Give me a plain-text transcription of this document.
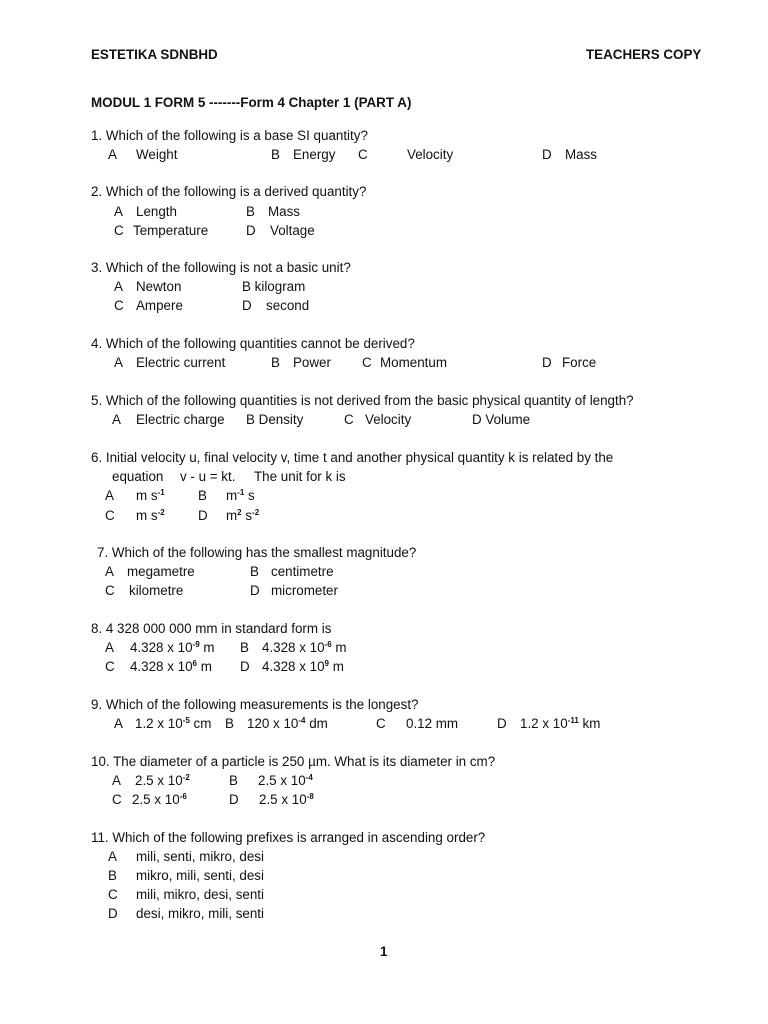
ESTETIKA SDNBHD	TEACHERS COPY
MODUL 1 FORM 5 -------Form 4 Chapter 1 (PART A)
1. Which of the following is a base SI quantity?
A Weight	B Energy C	Velocity	D Mass
2. Which of the following is a derived quantity?
A Length	B Mass
C Temperature	D Voltage
3. Which of the following is not a basic unit?
A Newton	B kilogram
C Ampere	D second
4. Which of the following quantities cannot be derived?
A Electric current	B Power C Momentum	D Force
5. Which of the following quantities is not derived from the basic physical quantity of length?
A Electric charge B Density	C Velocity	D Volume
6. Initial velocity u, final velocity v, time t and another physical quantity k is related by the
equation v - u = kt. The unit for k is
A m $s^{-1}$ B $m^{-1}$ s
C m $s^{-2}$ D $m^2$ $s^{-2}$
7. Which of the following has the smallest magnitude?
A megametre	B centimetre
C kilometre	D micrometer
8. 4 328 000 000 mm in standard form is
A 4.328 x $10^{-9}$ m B 4.328 x $10^{-6}$ m
C 4.328 x $10^6$ m D 4.328 x $10^9$ m
9. Which of the following measurements is the longest?
A 1.2 x $10^{-5}$ cm B 120 x $10^{-4}$ dm	C 0.12 mm	D 1.2 x $10^{-11}$ km
10. The diameter of a particle is 250 µm. What is its diameter in cm?
A 2.5 x $10^{-2}$	B 2.5 x $10^{-4}$
C 2.5 x $10^{-6}$	D 2.5 x $10^{-8}$
11. Which of the following prefixes is arranged in ascending order?
A mili, senti, mikro, desi
B mikro, mili, senti, desi
C mili, mikro, desi, senti
D desi, mikro, mili, senti
1
